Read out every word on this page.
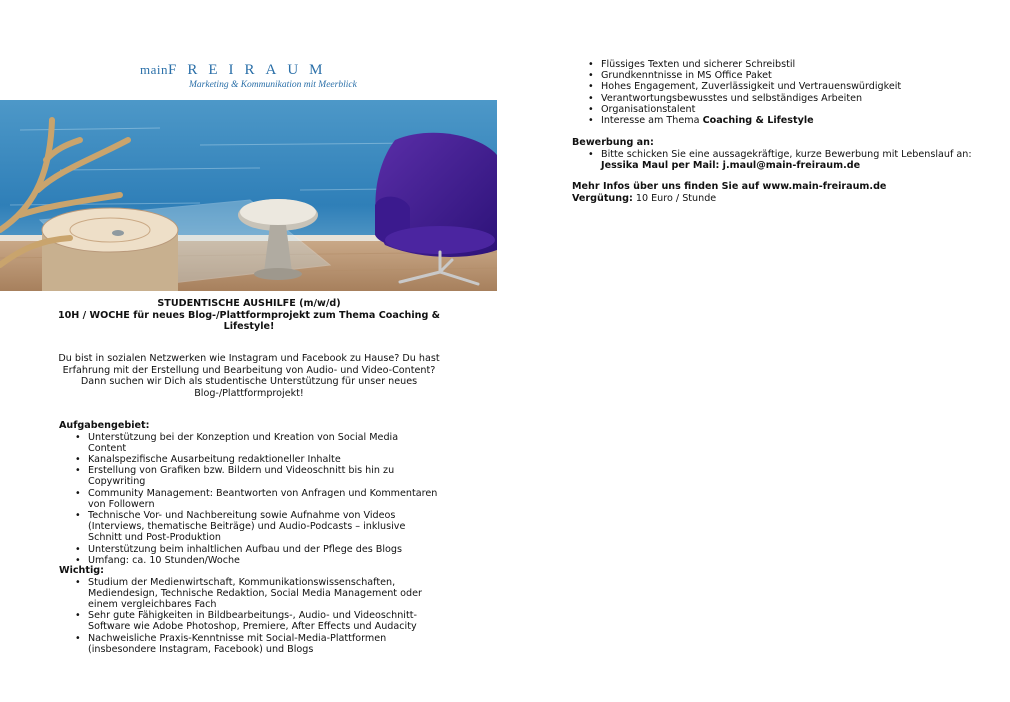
mainFREIRAUM
Marketing & Kommunikation mit Meerblick
STUDENTISCHE AUSHILFE (m/w/d)
10H / WOCHE für neues Blog-/Plattformprojekt zum Thema Coaching & Lifestyle!
Du bist in sozialen Netzwerken wie Instagram und Facebook zu Hause? Du hast Erfahrung mit der Erstellung und Bearbeitung von Audio- und Video-Content? Dann suchen wir Dich als studentische Unterstützung für unser neues Blog-/Plattformprojekt!
Aufgabengebiet:
• Unterstützung bei der Konzeption und Kreation von Social Media Content
• Kanalspezifische Ausarbeitung redaktioneller Inhalte
• Erstellung von Grafiken bzw. Bildern und Videoschnitt bis hin zu Copywriting
• Community Management: Beantworten von Anfragen und Kommentaren von Followern
• Technische Vor- und Nachbereitung sowie Aufnahme von Videos (Interviews, thematische Beiträge) und Audio-Podcasts – inklusive Schnitt und Post-Produktion
• Unterstützung beim inhaltlichen Aufbau und der Pflege des Blogs
• Umfang: ca. 10 Stunden/Woche
Wichtig:
• Studium der Medienwirtschaft, Kommunikationswissenschaften, Mediendesign, Technische Redaktion, Social Media Management oder einem vergleichbares Fach
• Sehr gute Fähigkeiten in Bildbearbeitungs-, Audio- und Videoschnitt-Software wie Adobe Photoshop, Premiere, After Effects und Audacity
• Nachweisliche Praxis-Kenntnisse mit Social-Media-Plattformen (insbesondere Instagram, Facebook) und Blogs
• Flüssiges Texten und sicherer Schreibstil
• Grundkenntnisse in MS Office Paket
• Hohes Engagement, Zuverlässigkeit und Vertrauenswürdigkeit
• Verantwortungsbewusstes und selbständiges Arbeiten
• Organisationstalent
• Interesse am Thema Coaching & Lifestyle
Bewerbung an:
• Bitte schicken Sie eine aussagekräftige, kurze Bewerbung mit Lebenslauf an: Jessika Maul per Mail: j.maul@main-freiraum.de
Mehr Infos über uns finden Sie auf www.main-freiraum.de
Vergütung: 10 Euro / Stunde
